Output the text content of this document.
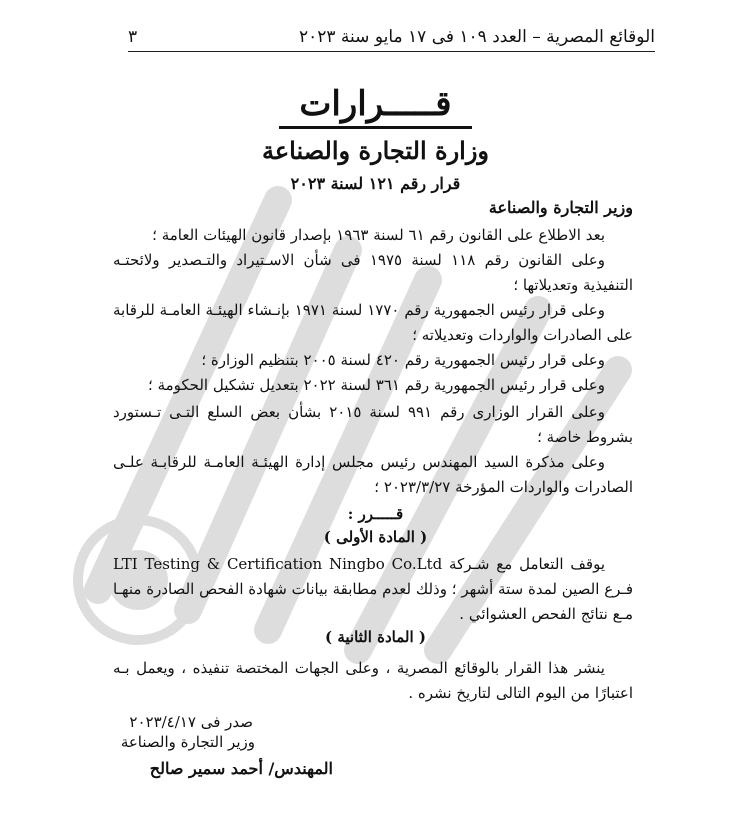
الوقائع المصرية – العدد ١٠٩ فى ١٧ مايو سنة ٢٠٢٣
٣
قـــــرارات
وزارة التجارة والصناعة
قرار رقم ١٢١ لسنة ٢٠٢٣
وزير التجارة والصناعة
بعد الاطلاع على القانون رقم ٦١ لسنة ١٩٦٣ بإصدار قانون الهيئات العامة ؛
وعلى القانون رقم ١١٨ لسنة ١٩٧٥ فى شأن الاسـتيراد والتـصدير ولائحتـه التنفيذية وتعديلاتها ؛
وعلى قرار رئيس الجمهورية رقم ١٧٧٠ لسنة ١٩٧١ بإنـشاء الهيئـة العامـة للرقابة على الصادرات والواردات وتعديلاته ؛
وعلى قرار رئيس الجمهورية رقم ٤٢٠ لسنة ٢٠٠٥ بتنظيم الوزارة ؛
وعلى قرار رئيس الجمهورية رقم ٣٦١ لسنة ٢٠٢٢ بتعديل تشكيل الحكومة ؛
وعلى القرار الوزارى رقم ٩٩١ لسنة ٢٠١٥ بشأن بعض السلع التـى تـستورد بشروط خاصة ؛
وعلى مذكرة السيد المهندس رئيس مجلس إدارة الهيئـة العامـة للرقابـة علـى الصادرات والواردات المؤرخة ٢٠٢٣/٣/٢٧ ؛
قـــــرر :
( المادة الأولى )
يوقف التعامل مع شـركة LTI Testing & Certification Ningbo Co.Ltd فـرع الصين لمدة ستة أشهر ؛ وذلك لعدم مطابقة بيانات شهادة الفحص الصادرة منهـا مـع نتائج الفحص العشوائي .
( المادة الثانية )
ينشر هذا القرار بالوقائع المصرية ، وعلى الجهات المختصة تنفيذه ، ويعمل بـه اعتبارًا من اليوم التالى لتاريخ نشره .
صدر فى ٢٠٢٣/٤/١٧
وزير التجارة والصناعة
المهندس/ أحمد سمير صالح
